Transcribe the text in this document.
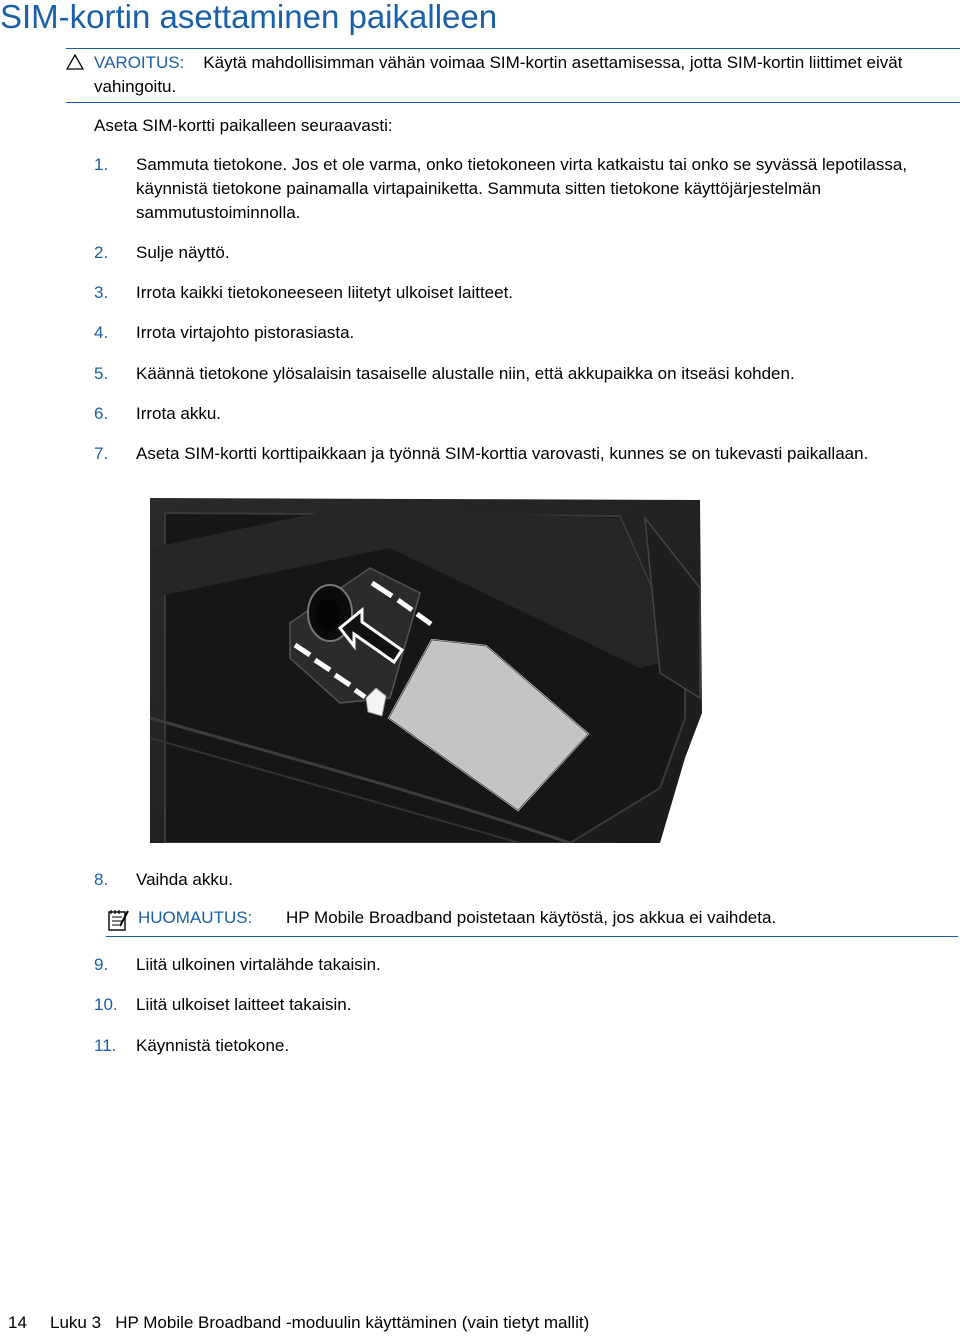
SIM-kortin asettaminen paikalleen
VAROITUS: Käytä mahdollisimman vähän voimaa SIM-kortin asettamisessa, jotta SIM-kortin liittimet eivät vahingoitu.
Aseta SIM-kortti paikalleen seuraavasti:
1. Sammuta tietokone. Jos et ole varma, onko tietokoneen virta katkaistu tai onko se syvässä lepotilassa, käynnistä tietokone painamalla virtapainiketta. Sammuta sitten tietokone käyttöjärjestelmän sammutustoiminnolla.
2. Sulje näyttö.
3. Irrota kaikki tietokoneeseen liitetyt ulkoiset laitteet.
4. Irrota virtajohto pistorasiasta.
5. Käännä tietokone ylösalaisin tasaiselle alustalle niin, että akkupaikka on itseäsi kohden.
6. Irrota akku.
7. Aseta SIM-kortti korttipaikkaan ja työnnä SIM-korttia varovasti, kunnes se on tukevasti paikallaan.
8. Vaihda akku.
HUOMAUTUS: HP Mobile Broadband poistetaan käytöstä, jos akkua ei vaihdeta.
9. Liitä ulkoinen virtalähde takaisin.
10. Liitä ulkoiset laitteet takaisin.
11. Käynnistä tietokone.
14 Luku 3   HP Mobile Broadband -moduulin käyttäminen (vain tietyt mallit)
